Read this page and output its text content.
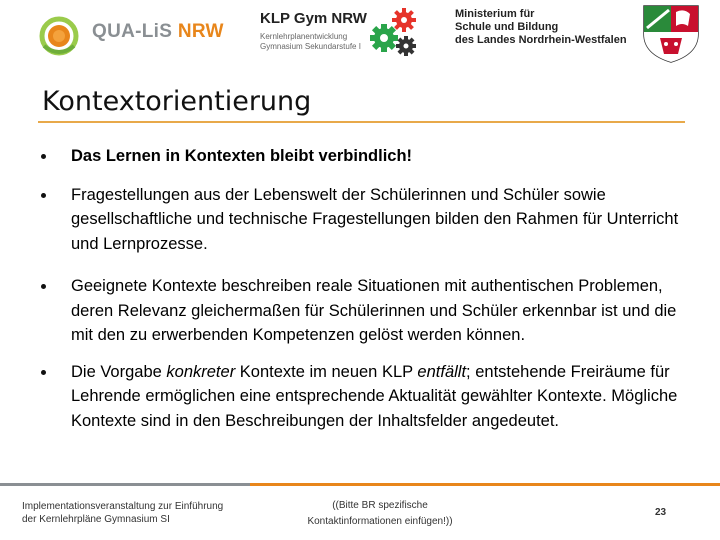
QUA-LiS NRW
KLP Gym NRW
Kernlehrplanentwicklung
Gymnasium Sekundarstufe I
Ministerium für
Schule und Bildung
des Landes Nordrhein-Westfalen
Kontextorientierung
Das Lernen in Kontexten bleibt verbindlich!
Fragestellungen aus der Lebenswelt der Schülerinnen und Schüler sowie gesellschaftliche und technische Fragestellungen bilden den Rahmen für Unterricht und Lernprozesse.
Geeignete Kontexte beschreiben reale Situationen mit authentischen Problemen, deren Relevanz gleichermaßen für Schülerinnen und Schüler erkennbar ist und die mit den zu erwerbenden Kompetenzen gelöst werden können.
Die Vorgabe konkreter Kontexte im neuen KLP entfällt; entstehende Freiräume für Lehrende ermöglichen eine entsprechende Aktualität gewählter Kontexte. Mögliche Kontexte sind in den Beschreibungen der Inhaltsfelder angedeutet.
Implementationsveranstaltung zur Einführung
der Kernlehrpläne Gymnasium SI
((Bitte BR spezifische
Kontaktinformationen einfügen!))
23
